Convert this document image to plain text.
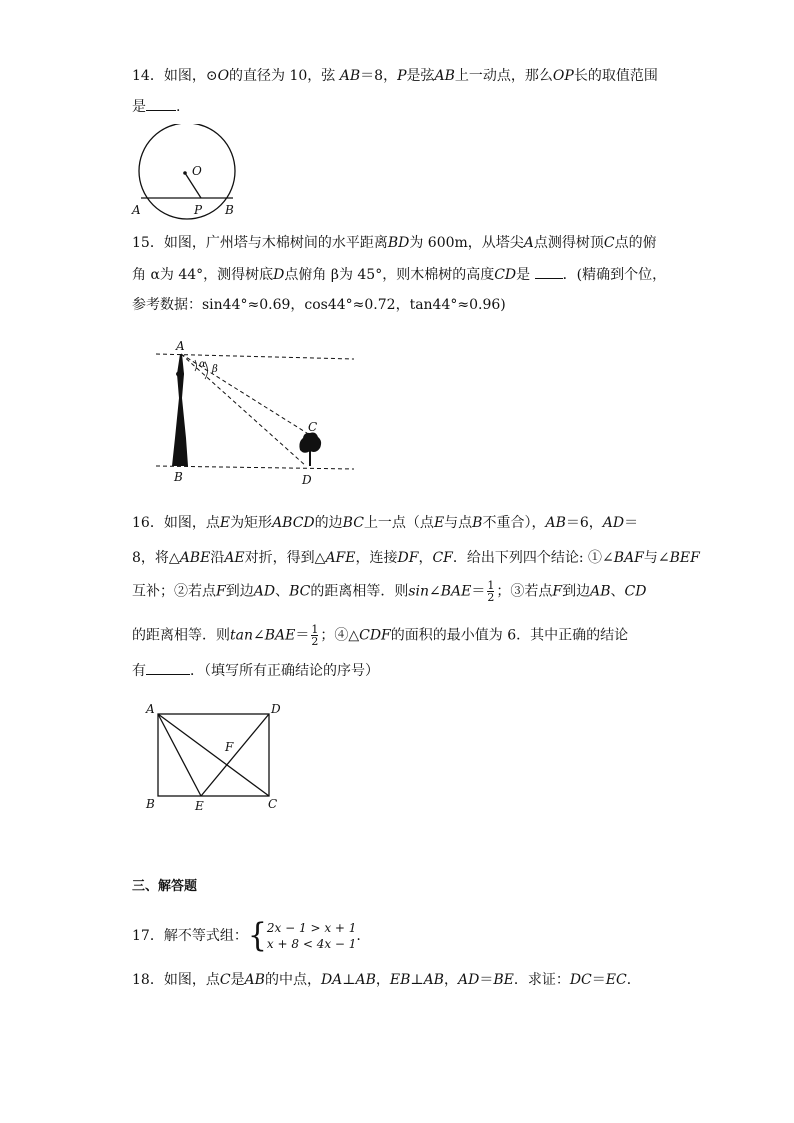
14．如图，⊙O的直径为 10，弦 AB＝8，P是弦AB上一动点，那么OP长的取值范围
是 .
O
A	P B
15．如图，广州塔与木棉树间的水平距离BD为 600m，从塔尖A点测得树顶C点的俯
角 α为 44°，测得树底D点俯角 β为 45°，则木棉树的高度CD是 ．(精确到个位，
参考数据：sin44°≈0.69，cos44°≈0.72，tan44°≈0.96)
A
α β
C
B	D
16．如图，点E为矩形ABCD的边BC上一点（点E与点B不重合），AB＝6，AD＝
8，将△ABE沿AE对折，得到△AFE，连接DF，CF．给出下列四个结论: ①∠BAF与∠BEF
互补；②若点F到边AD、BC的距离相等．则sin∠BAE＝ $\frac{1}{2}$ ；③若点F到边AB、CD
的距离相等．则tan∠BAE＝ $\frac{1}{2}$ ；④△CDF的面积的最小值为 6．其中正确的结论
有	．（填写所有正确结论的序号）
A	D
F
B	E	C
三、解答题
17．解不等式组：{ 2x − 1 > x + 1
x + 8 < 4x − 1 .
18．如图，点C是AB的中点，DA⊥AB，EB⊥AB，AD＝BE．求证：DC＝EC．
